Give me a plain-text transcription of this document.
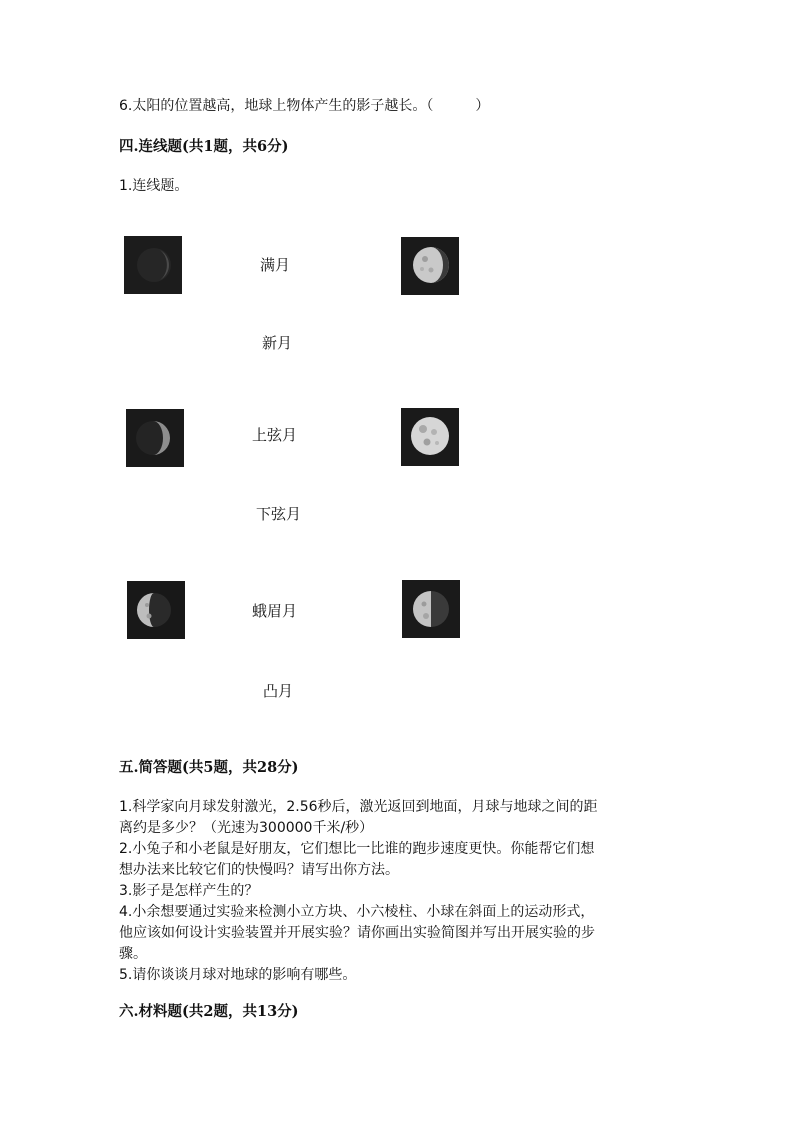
6.太阳的位置越高，地球上物体产生的影子越长。（　　　）
四.连线题(共1题，共6分)
1.连线题。
满月
新月
上弦月
下弦月
蛾眉月
凸月
五.简答题(共5题，共28分)
1.科学家向月球发射激光，2.56秒后，激光返回到地面，月球与地球之间的距
离约是多少？（光速为300000千米/秒）
2.小兔子和小老鼠是好朋友，它们想比一比谁的跑步速度更快。你能帮它们想
想办法来比较它们的快慢吗？请写出你方法。
3.影子是怎样产生的？
4.小余想要通过实验来检测小立方块、小六棱柱、小球在斜面上的运动形式，
他应该如何设计实验装置并开展实验？请你画出实验简图并写出开展实验的步
骤。
5.请你谈谈月球对地球的影响有哪些。
六.材料题(共2题，共13分)
